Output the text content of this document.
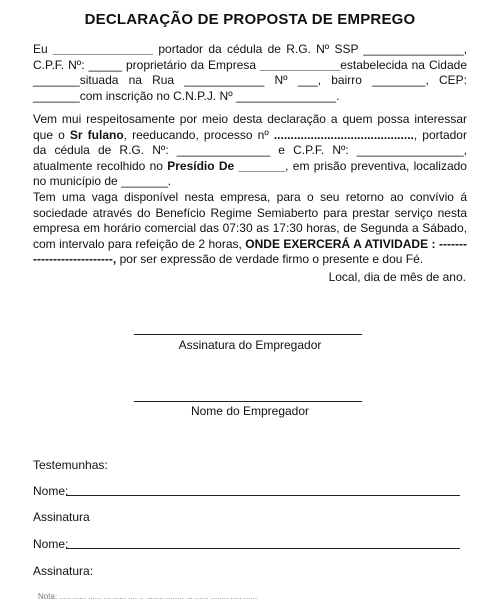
DECLARAÇÃO DE PROPOSTA DE EMPREGO
Eu _______________ portador da cédula de R.G. Nº SSP _______________, C.P.F. Nº: _____ proprietário da Empresa ____________estabelecida na Cidade _______situada na Rua ____________ Nº ___, bairro ________, CEP: _______com inscrição no C.N.P.J. Nº _______________.
Vem mui respeitosamente por meio desta declaração a quem possa interessar que o Sr fulano, reeducando, processo nº .........................................., portador da cédula de R.G. Nº: ______________ e C.P.F. Nº: ________________, atualmente recolhido no Presídio De _______, em prisão preventiva, localizado no município de _______.
Tem uma vaga disponível nesta empresa, para o seu retorno ao convívio á sociedade através do Benefício Regime Semiaberto para prestar serviço nesta empresa em horário comercial das 07:30 as 17:30 horas, de Segunda a Sábado, com intervalo para refeição de 2 horas, ONDE EXERCERÁ A ATIVIDADE : ---------------------------, por ser expressão de verdade firmo o presente e dou Fé.
Local, dia de mês de ano.
Assinatura do Empregador
Nome do Empregador
Testemunhas:
Nome:
Assinatura
Nome:
Assinatura:
Nota: ..... ...... ...... ... ...... .... .. ........ ........ ... ...... ........ ..... ......
